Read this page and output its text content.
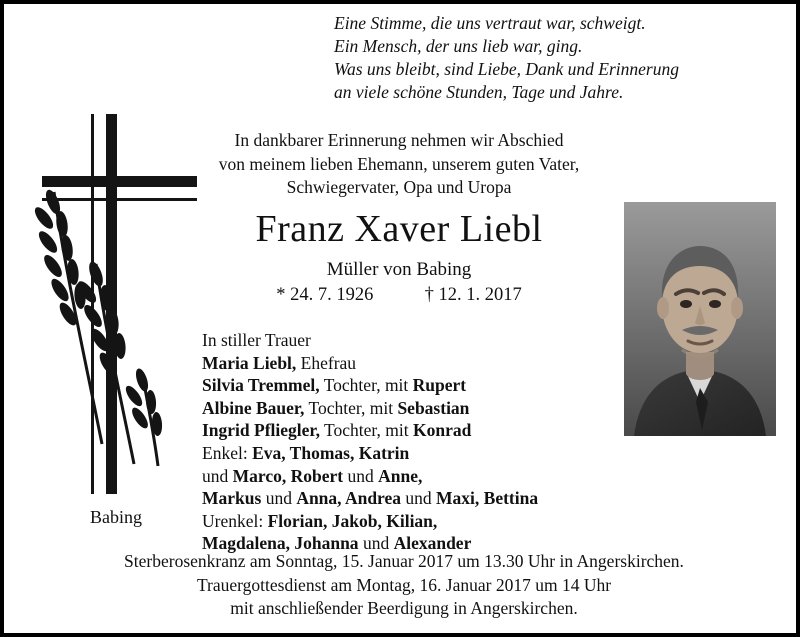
Eine Stimme, die uns vertraut war, schweigt.
Ein Mensch, der uns lieb war, ging.
Was uns bleibt, sind Liebe, Dank und Erinnerung
an viele schöne Stunden, Tage und Jahre.
In dankbarer Erinnerung nehmen wir Abschied
von meinem lieben Ehemann, unserem guten Vater,
Schwiegervater, Opa und Uropa
Franz Xaver Liebl
Müller von Babing
* 24. 7. 1926	† 12. 1. 2017
In stiller Trauer
Maria Liebl, Ehefrau
Silvia Tremmel, Tochter, mit Rupert
Albine Bauer, Tochter, mit Sebastian
Ingrid Pfliegler, Tochter, mit Konrad
Enkel: Eva, Thomas, Katrin
und Marco, Robert und Anne,
Markus und Anna, Andrea und Maxi, Bettina
Urenkel: Florian, Jakob, Kilian,
Magdalena, Johanna und Alexander
Sterberosenkranz am Sonntag, 15. Januar 2017 um 13.30 Uhr in Angerskirchen.
Trauergottesdienst am Montag, 16. Januar 2017 um 14 Uhr
mit anschließender Beerdigung in Angerskirchen.
Babing
